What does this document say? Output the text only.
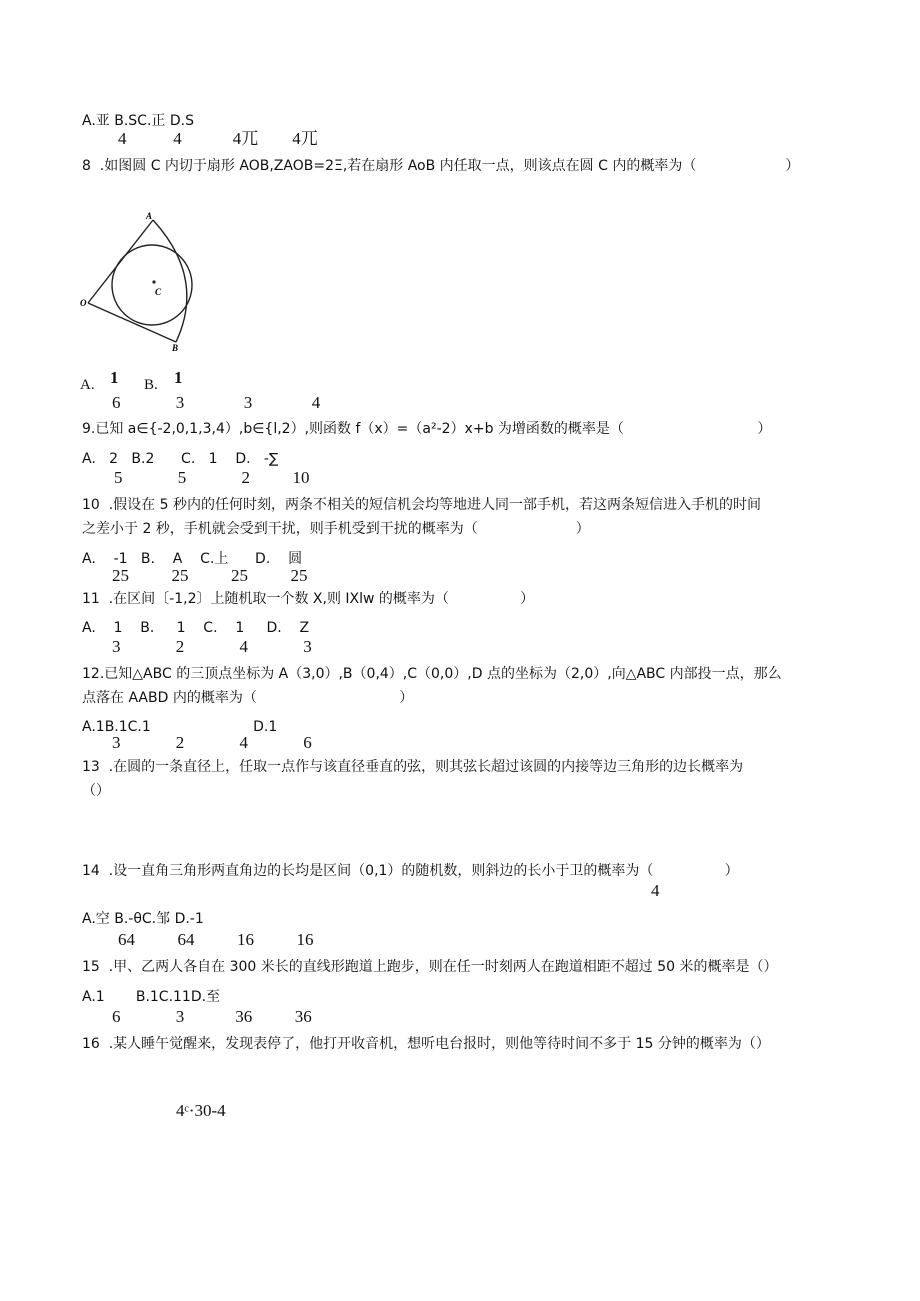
A.亚 B.SC.正 D.S
8  .如图圆 C 内切于扇形 AOB,ZAOB=2Ξ,若在扇形 AoB 内任取一点，则该点在圆 C 内的概率为（                    ）
9.已知 a∈{-2,0,1,3,4）,b∈{l,2）,则函数 f（x）=（a²-2）x+b 为增函数的概率是（                              ）
A.   2   B.2      C.   1    D.   -∑
10  .假设在 5 秒内的任何时刻，两条不相关的短信机会均等地进人同一部手机，若这两条短信进入手机的时间
之差小于 2 秒，手机就会受到干扰，则手机受到干扰的概率为（                      ）
A.    -1   B.    A    C.上      D.    圆
11  .在区间〔-1,2〕上随机取一个数 X,则 IXlw 的概率为（                ）
A.    1    B.     1    C.    1     D.    Z
12.已知△ABC 的三顶点坐标为 A（3,0）,B（0,4）,C（0,0）,D 点的坐标为（2,0）,向△ABC 内部投一点，那么
点落在 AABD 内的概率为（                                ）
A.1B.1C.1                       D.1
13  .在圆的一条直径上，任取一点作与该直径垂直的弦，则其弦长超过该圆的内接等边三角形的边长概率为
（）
14  .设一直角三角形两直角边的长均是区间（0,1）的随机数，则斜边的长小于卫的概率为（                ）
A.空 B.-θC.邹 D.-1
15  .甲、乙两人各自在 300 米长的直线形跑道上跑步，则在任一时刻两人在跑道相距不超过 50 米的概率是（）
A.1       B.1C.11D.至
16  .某人睡午觉醒来，发现表停了，他打开收音机，想听电台报时，则他等待时间不多于 15 分钟的概率为（）
4           4            4兀        4兀
6             3              3              4
5             5             2          10
25          25          25          25
3             2             4             3
3             2             4             6
4
64          64          16          16
6             3            36          36
4ᶜ·30-4
A. 1 B. 1
A
O
C
B
